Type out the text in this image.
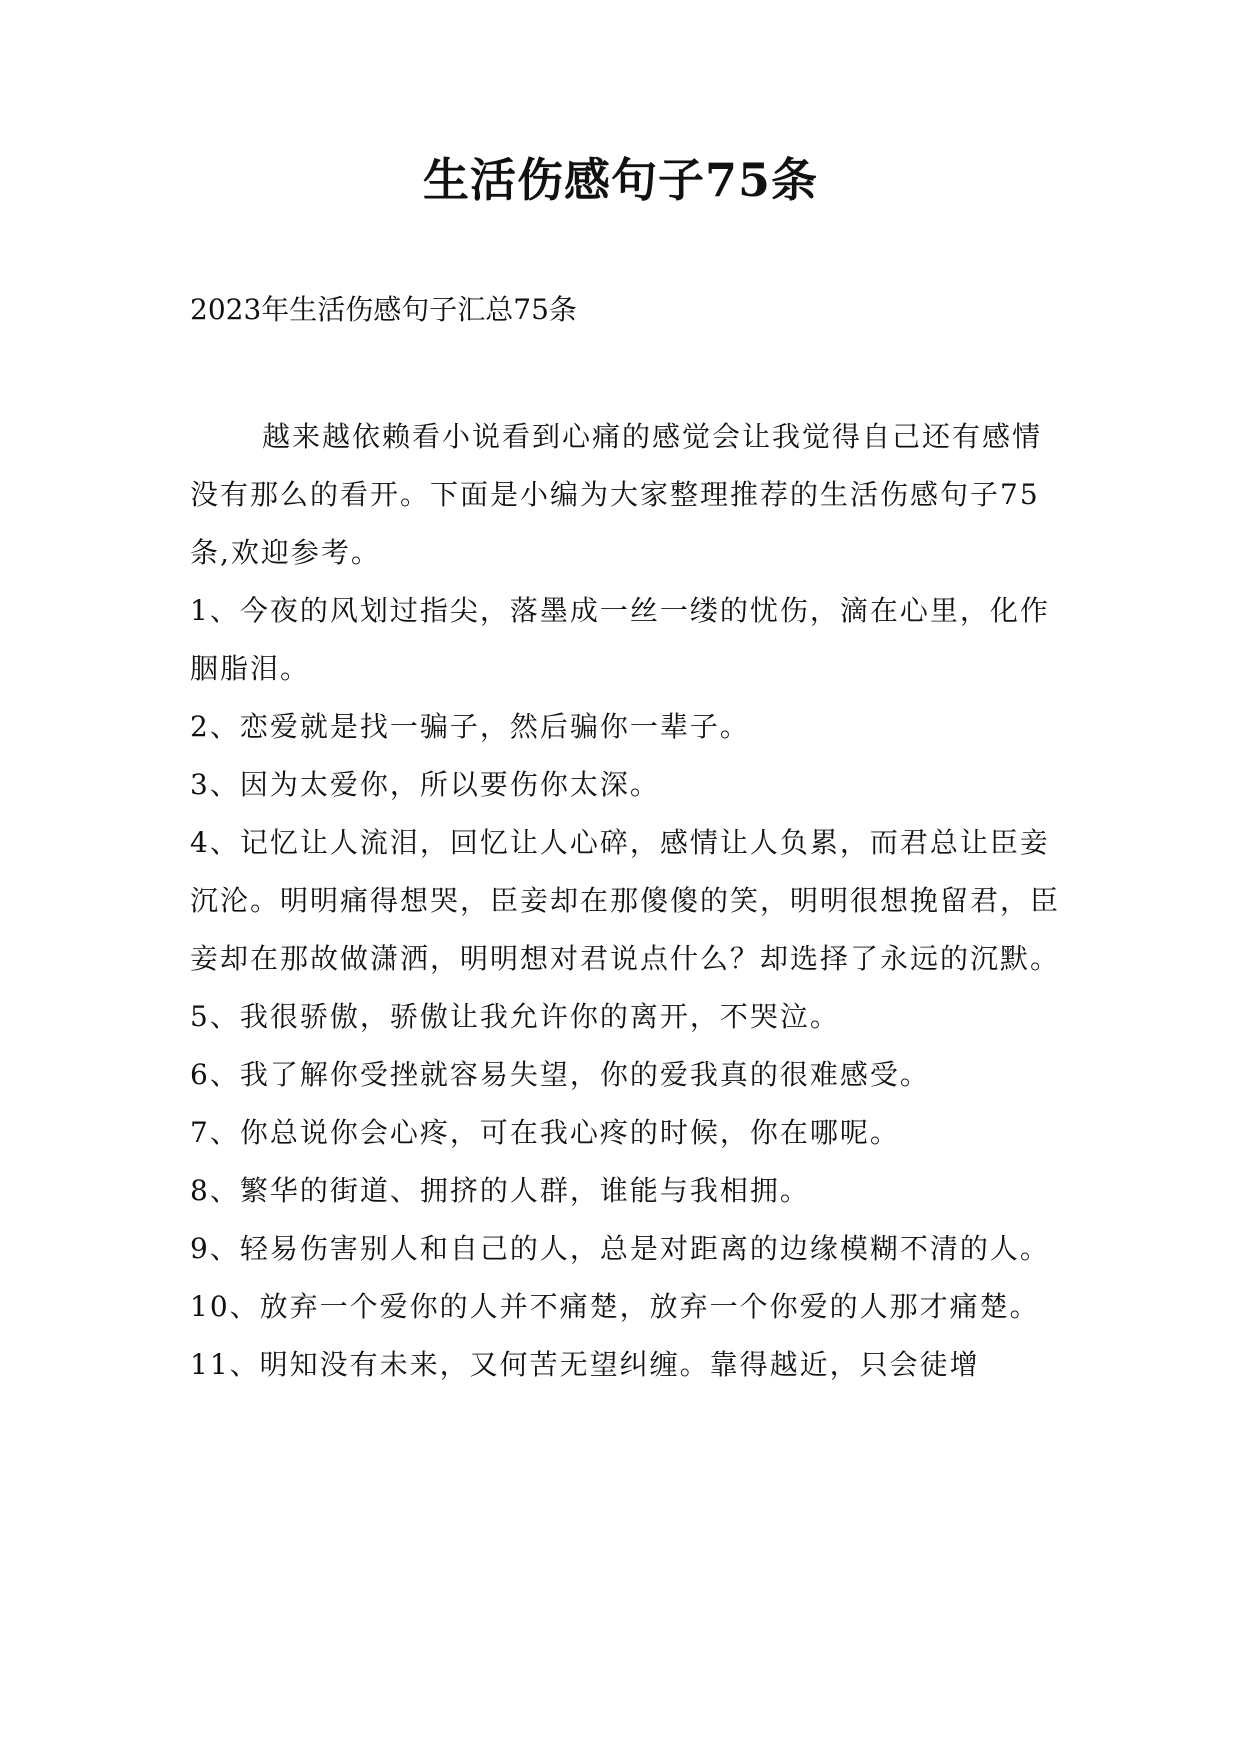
生活伤感句子75条
2023年生活伤感句子汇总75条

越来越依赖看小说看到心痛的感觉会让我觉得自己还有感情没有那么的看开。下面是小编为大家整理推荐的生活伤感句子75条,欢迎参考。

1、今夜的风划过指尖，落墨成一丝一缕的忧伤，滴在心里，化作胭脂泪。

2、恋爱就是找一骗子，然后骗你一辈子。

3、因为太爱你，所以要伤你太深。

4、记忆让人流泪，回忆让人心碎，感情让人负累，而君总让臣妾沉沦。明明痛得想哭，臣妾却在那傻傻的笑，明明很想挽留君，臣妾却在那故做潇洒，明明想对君说点什么？却选择了永远的沉默。

5、我很骄傲，骄傲让我允许你的离开，不哭泣。

6、我了解你受挫就容易失望，你的爱我真的很难感受。

7、你总说你会心疼，可在我心疼的时候，你在哪呢。

8、繁华的街道、拥挤的人群，谁能与我相拥。

9、轻易伤害别人和自己的人，总是对距离的边缘模糊不清的人。

10、放弃一个爱你的人并不痛楚，放弃一个你爱的人那才痛楚。

11、明知没有未来，又何苦无望纠缠。靠得越近，只会徒增
